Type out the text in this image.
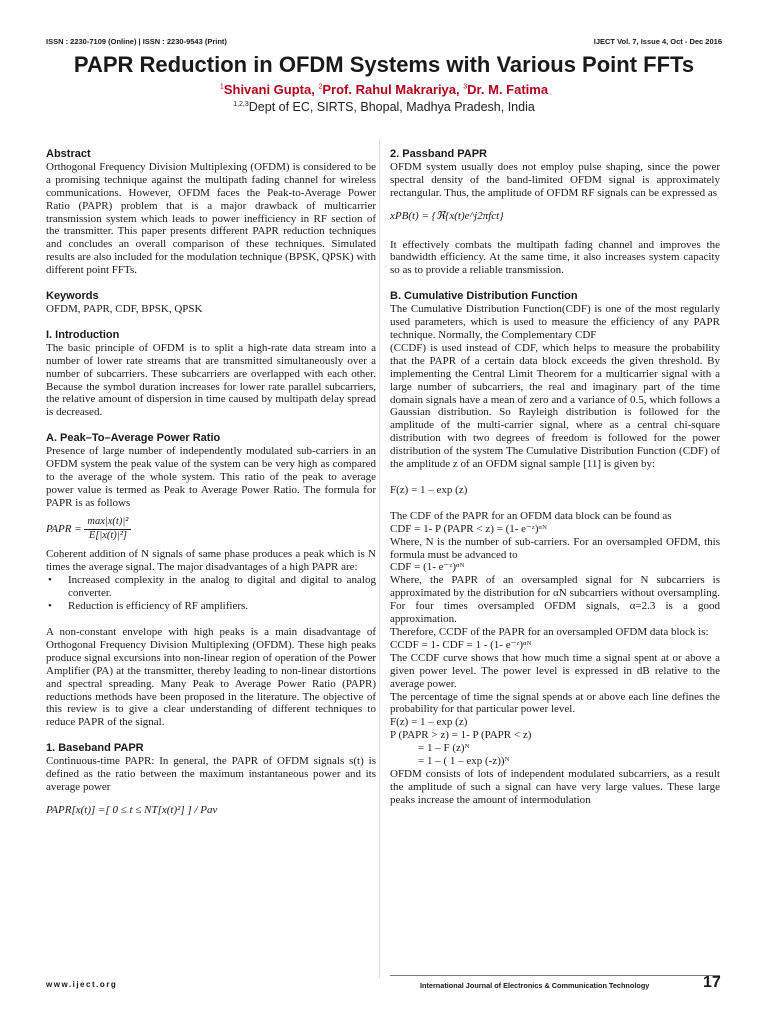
ISSN : 2230-7109 (Online) | ISSN : 2230-9543 (Print)	IJECT Vol. 7, Issue 4, Oct - Dec 2016
PAPR Reduction in OFDM Systems with Various Point FFTs
$^1$Shivani Gupta, $^2$Prof. Rahul Makrariya, $^3$Dr. M. Fatima
$^{1,2,3}$Dept of EC, SIRTS, Bhopal, Madhya Pradesh, India

Abstract

Orthogonal Frequency Division Multiplexing (OFDM) is considered to be a promising technique against the multipath fading channel for wireless communications. However, OFDM faces the Peak-to-Average Power Ratio (PAPR) problem that is a major drawback of multicarrier transmission system which leads to power inefficiency in RF section of the transmitter. This paper presents different PAPR reduction techniques and concludes an overall comparison of these techniques. Simulated results are also included for the modulation technique (BPSK, QPSK) with different point FFTs.

Keywords

OFDM, PAPR, CDF, BPSK, QPSK

I. Introduction

The basic principle of OFDM is to split a high-rate data stream into a number of lower rate streams that are transmitted simultaneously over a number of subcarriers. These subcarriers are overlapped with each other. Because the symbol duration increases for lower rate parallel subcarriers, the relative amount of dispersion in time caused by multipath delay spread is decreased.

A. Peak–To–Average Power Ratio

Presence of large number of independently modulated sub-carriers in an OFDM system the peak value of the system can be very high as compared to the average of the whole system. This ratio of the peak to average power value is termed as Peak to Average Power Ratio. The formula for PAPR is as follows

PAPR = $\frac{\text{max|x(t)|²}}{\text{E[|x(t)|²]}}$

Coherent addition of N signals of same phase produces a peak which is N times the average signal. The major disadvantages of a high PAPR are:

• Increased complexity in the analog to digital and digital to analog converter.
• Reduction is efficiency of RF amplifiers.

A non-constant envelope with high peaks is a main disadvantage of Orthogonal Frequency Division Multiplexing (OFDM). These high peaks produce signal excursions into non-linear region of operation of the Power Amplifier (PA) at the transmitter, thereby leading to non-linear distortions and spectral spreading. Many Peak to Average Power Ratio (PAPR) reductions methods have been proposed in the literature. The objective of this review is to give a clear understanding of different techniques to reduce PAPR of the signal.

1. Baseband PAPR

Continuous-time PAPR: In general, the PAPR of OFDM signals s(t) is defined as the ratio between the maximum instantaneous power and its average power

PAPR[x(t)] =[ 0 ≤ t ≤ NT[x(t)²] ] / Pav

2. Passband PAPR

OFDM system usually does not employ pulse shaping, since the power spectral density of the band-limited OFDM signal is approximately rectangular. Thus, the amplitude of OFDM RF signals can be expressed as

xPB(t) = {ℜ{x(t)e^j2πfct}

It effectively combats the multipath fading channel and improves the bandwidth efficiency. At the same time, it also increases system capacity so as to provide a reliable transmission.

B. Cumulative Distribution Function

The Cumulative Distribution Function(CDF) is one of the most regularly used parameters, which is used to measure the efficiency of any PAPR technique. Normally, the Complementary CDF

(CCDF) is used instead of CDF, which helps to measure the probability that the PAPR of a certain data block exceeds the given threshold. By implementing the Central Limit Theorem for a multicarrier signal with a large number of subcarriers, the real and imaginary part of the time domain signals have a mean of zero and a variance of 0.5, which follows a Gaussian distribution. So Rayleigh distribution is followed for the amplitude of the multi-carrier signal, where as a central chi-square distribution with two degrees of freedom is followed for the power distribution of the system The Cumulative Distribution Function (CDF) of the amplitude z of an OFDM signal sample [11] is given by:

F(z) = 1 – exp (z)

The CDF of the PAPR for an OFDM data block can be found as

CDF = 1- P (PAPR < z) = (1- e⁻ᶻ)ᵅᴺ

Where, N is the number of sub-carriers. For an oversampled OFDM, this formula must be advanced to

CDF = (1- e⁻ᶻ)ᵅᴺ

Where, the PAPR of an oversampled signal for N subcarriers is approximated by the distribution for αN subcarriers without oversampling. For four times oversampled OFDM signals, α=2.3 is a good approximation.

Therefore, CCDF of the PAPR for an oversampled OFDM data block is:

CCDF = 1- CDF = 1 - (1- e⁻ᶻ)ᵅᴺ

The CCDF curve shows that how much time a signal spent at or above a given power level. The power level is expressed in dB relative to the average power.

The percentage of time the signal spends at or above each line defines the probability for that particular power level.

F(z) = 1 – exp (z)

P (PAPR > z) = 1- P (PAPR < z)

= 1 – F (z)ᴺ

= 1 – ( 1 – exp (-z))ᴺ

OFDM consists of lots of independent modulated subcarriers, as a result the amplitude of such a signal can have very large values. These large peaks increase the amount of intermodulation

www.iject.org	International Journal of Electronics & Communication Technology	17
